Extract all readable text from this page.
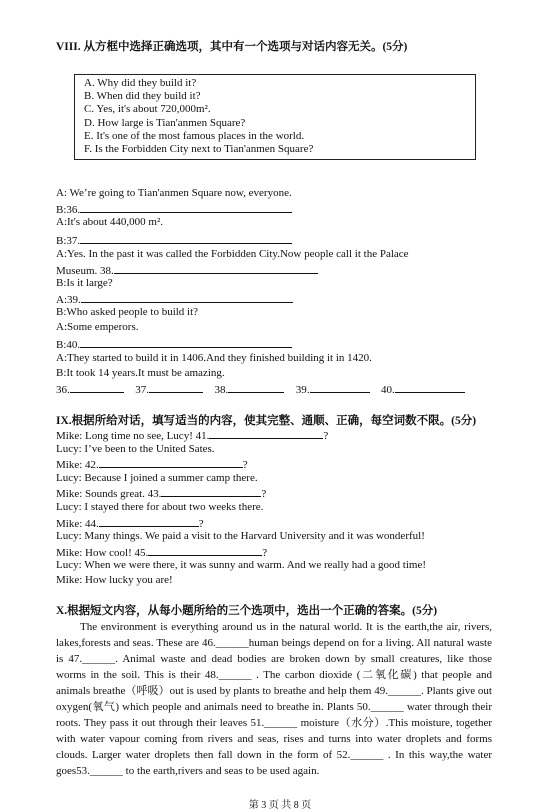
VIII. 从方框中选择正确选项，其中有一个选项与对话内容无关。(5分)
A. Why did they build it?
B. When did they build it?
C. Yes, it's about 720,000m².
D. How large is Tian'anmen Square?
E. It's one of the most famous places in the world.
F. Is the Forbidden City next to Tian'anmen Square?
A: We’re going to Tian'anmen Square now, everyone.
B:36.
A:It's about 440,000 m².
B:37.
A:Yes. In the past it was called the Forbidden City.Now people call it the Palace
Museum. 38.
B:Is it large?
A:39.
B:Who asked people to build it?
A:Some emperors.
B:40.
A:They started to build it in 1406.And they finished building it in 1420.
B:It took 14 years.It must be amazing.
36.	37.	38.	39.	40.
IX.根据所给对话，填写适当的内容，使其完整、通顺、正确，每空词数不限。(5分)
Mike: Long time no see, Lucy! 41.	?
Lucy: I’ve been to the United Sates.
Mike: 42.	?
Lucy: Because I joined a summer camp there.
Mike: Sounds great. 43.	?
Lucy: I stayed there for about two weeks there.
Mike: 44.	?
Lucy: Many things. We paid a visit to the Harvard University and it was wonderful!
Mike: How cool! 45.	?
Lucy: When we were there, it was sunny and warm. And we really had a good time!
Mike: How lucky you are!
X.根据短文内容，从每小题所给的三个选项中，选出一个正确的答案。(5分)

The environment is everything around us in the natural world. It is the earth,the air, rivers, lakes,forests and seas. These are 46.______human beings depend on for a living. All natural waste is 47.______. Animal waste and dead bodies are broken down by small creatures, like those worms in the soil. This is their 48.______ . The carbon dioxide (二氧化碳) that people and animals breathe（呼吸）out is used by plants to breathe and help them 49.______. Plants give out oxygen(氧气) which people and animals need to breathe in. Plants 50.______ water through their roots. They pass it out through their leaves 51.______ moisture（水分）.This moisture, together with water vapour coming from rivers and seas, rises and turns into water droplets and forms clouds. Larger water droplets then fall down in the form of 52.______ . In this way,the water goes53.______ to the earth,rivers and seas to be used again.

第 3 页 共 8 页
